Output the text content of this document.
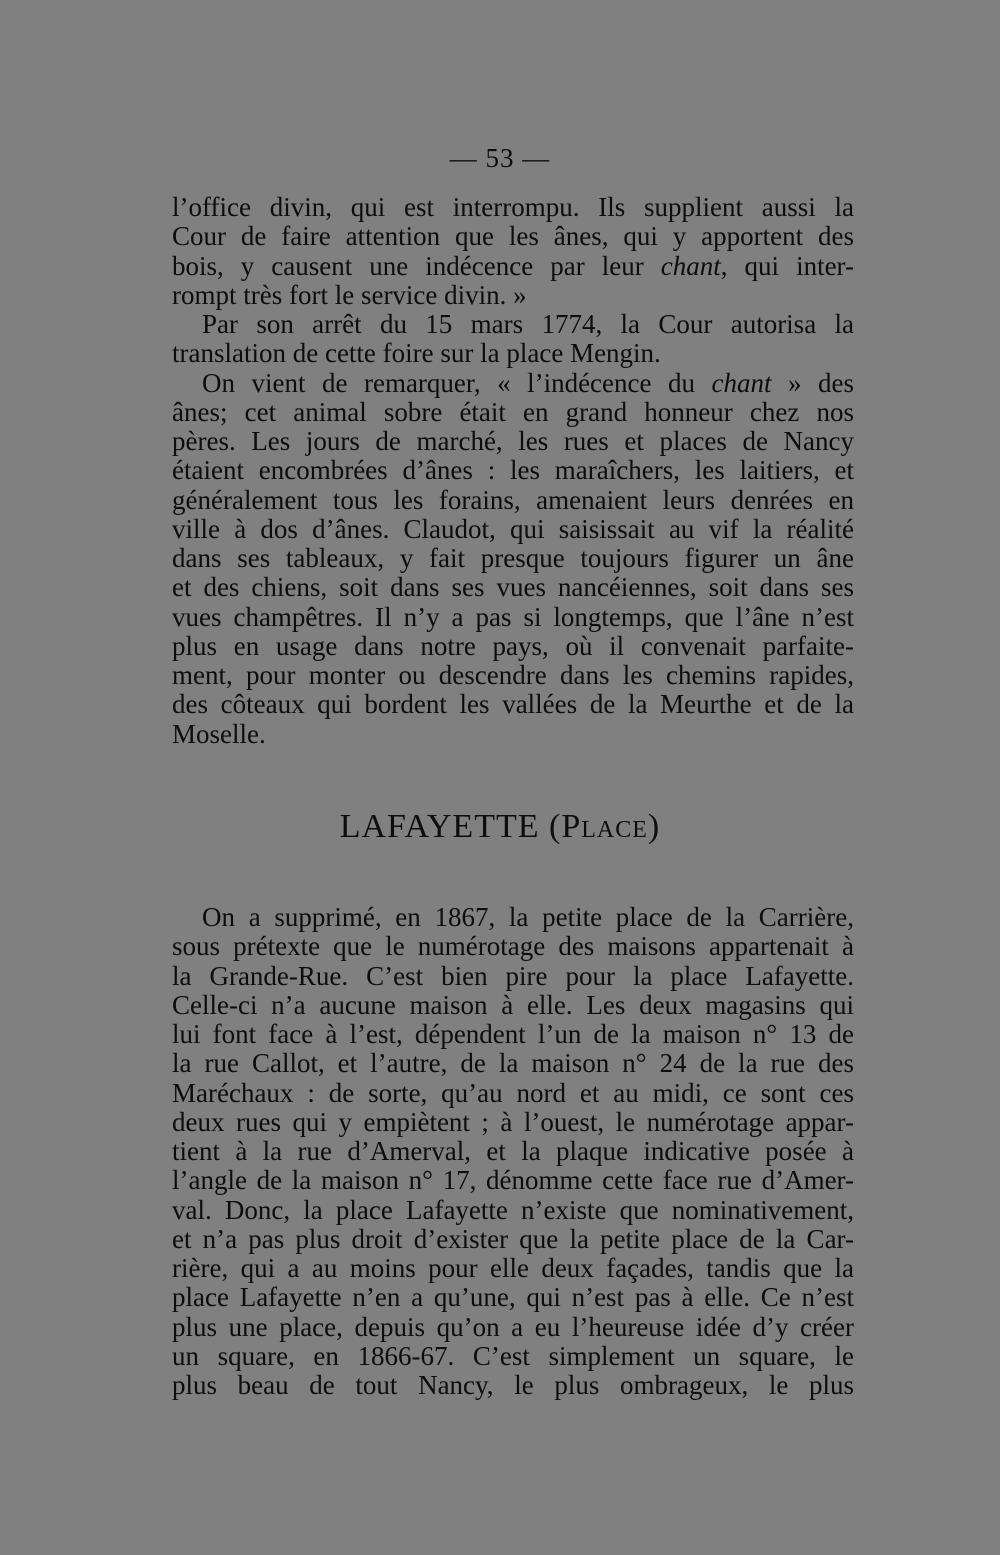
— 53 —
l’office divin, qui est interrompu. Ils supplient aussi la
Cour de faire attention que les ânes, qui y apportent des
bois, y causent une indécence par leur chant, qui inter-
rompt très fort le service divin. »
Par son arrêt du 15 mars 1774, la Cour autorisa la
translation de cette foire sur la place Mengin.
On vient de remarquer, « l’indécence du chant » des
ânes; cet animal sobre était en grand honneur chez nos
pères. Les jours de marché, les rues et places de Nancy
étaient encombrées d’ânes : les maraîchers, les laitiers, et
généralement tous les forains, amenaient leurs denrées en
ville à dos d’ânes. Claudot, qui saisissait au vif la réalité
dans ses tableaux, y fait presque toujours figurer un âne
et des chiens, soit dans ses vues nancéiennes, soit dans ses
vues champêtres. Il n’y a pas si longtemps, que l’âne n’est
plus en usage dans notre pays, où il convenait parfaite-
ment, pour monter ou descendre dans les chemins rapides,
des côteaux qui bordent les vallées de la Meurthe et de la
Moselle.
LAFAYETTE (Place)
On a supprimé, en 1867, la petite place de la Carrière,
sous prétexte que le numérotage des maisons appartenait à
la Grande-Rue. C’est bien pire pour la place Lafayette.
Celle-ci n’a aucune maison à elle. Les deux magasins qui
lui font face à l’est, dépendent l’un de la maison n° 13 de
la rue Callot, et l’autre, de la maison n° 24 de la rue des
Maréchaux : de sorte, qu’au nord et au midi, ce sont ces
deux rues qui y empiètent ; à l’ouest, le numérotage appar-
tient à la rue d’Amerval, et la plaque indicative posée à
l’angle de la maison n° 17, dénomme cette face rue d’Amer-
val. Donc, la place Lafayette n’existe que nominativement,
et n’a pas plus droit d’exister que la petite place de la Car-
rière, qui a au moins pour elle deux façades, tandis que la
place Lafayette n’en a qu’une, qui n’est pas à elle. Ce n’est
plus une place, depuis qu’on a eu l’heureuse idée d’y créer
un square, en 1866-67. C’est simplement un square, le
plus beau de tout Nancy, le plus ombrageux, le plus
